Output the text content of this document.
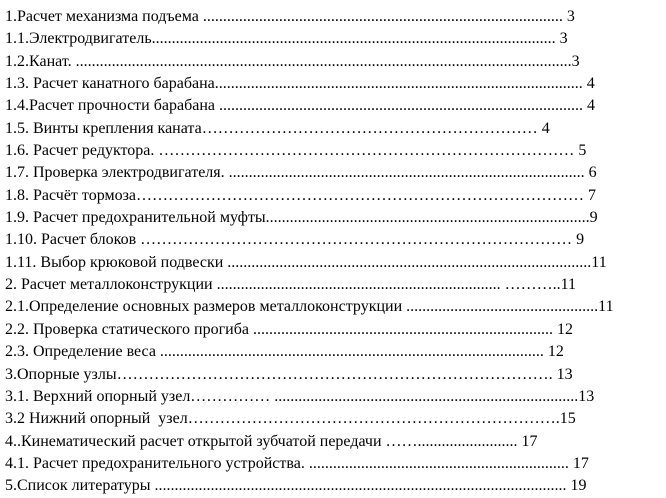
1.Расчет механизма подъема .......................................................................................... 3
1.1.Электродвигатель..................................................................................................... 3
1.2.Канат. ............................................................................................................................3
1.3. Расчет канатного барабана............................................................................................ 4
1.4.Расчет прочности барабана ........................................................................................... 4
1.5. Винты крепления каната……………………………………………………… 4
1.6. Расчет редуктора. …………………………………………………………………… 5
1.7. Проверка электродвигателя. ......................................................................................... 6
1.8. Расчёт тормоза………………………………………………………………………… 7
1.9. Расчет предохранительной муфты.................................................................................9
1.10. Расчет блоков ……………………………………………………………………… 9
1.11. Выбор крюковой подвески ...........................................................................................11
2. Расчет металлоконструкции ....................................................................... ………..11
2.1.Определение основных размеров металлоконструкции ................................................11
2.2. Проверка статического прогиба ........................................................................... 12
2.3. Определение веса ................................................................................................ 12
3.Опорные узлы………………………………………………………………………. 13
3.1. Верхний опорный узел…………… ............................................................................13
3.2 Нижний опорный  узел…………………………………………………………….15
4..Кинематический расчет открытой зубчатой передачи ……......................... 17
4.1. Расчет предохранительного устройства. ................................................................. 17
5.Список литературы ....................................................................................................... 19
